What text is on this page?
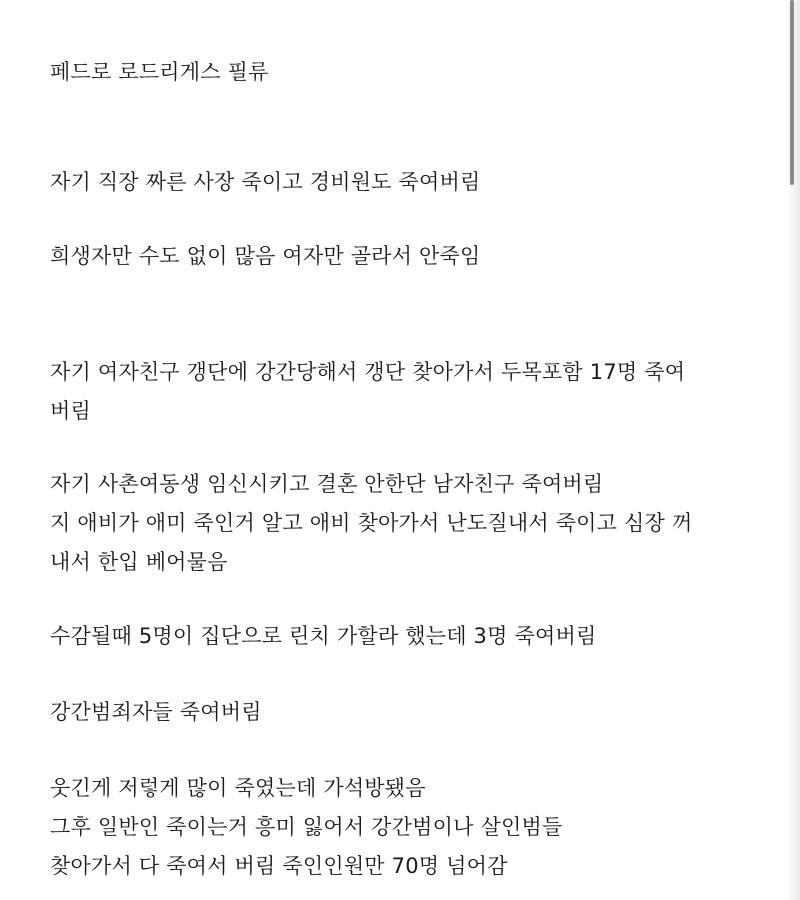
페드로 로드리게스 필류
자기 직장 짜른 사장 죽이고 경비원도 죽여버림
희생자만 수도 없이 많음 여자만 골라서 안죽임
자기 여자친구 갱단에 강간당해서 갱단 찾아가서 두목포함 17명 죽여
버림
자기 사촌여동생 임신시키고 결혼 안한단 남자친구 죽여버림
지 애비가 애미 죽인거 알고 애비 찾아가서 난도질내서 죽이고 심장 꺼
내서 한입 베어물음
수감될때 5명이 집단으로 린치 가할라 했는데 3명 죽여버림
강간범죄자들 죽여버림
웃긴게 저렇게 많이 죽였는데 가석방됐음
그후 일반인 죽이는거 흥미 잃어서 강간범이나 살인범들
찾아가서 다 죽여서 버림 죽인인원만 70명 넘어감
